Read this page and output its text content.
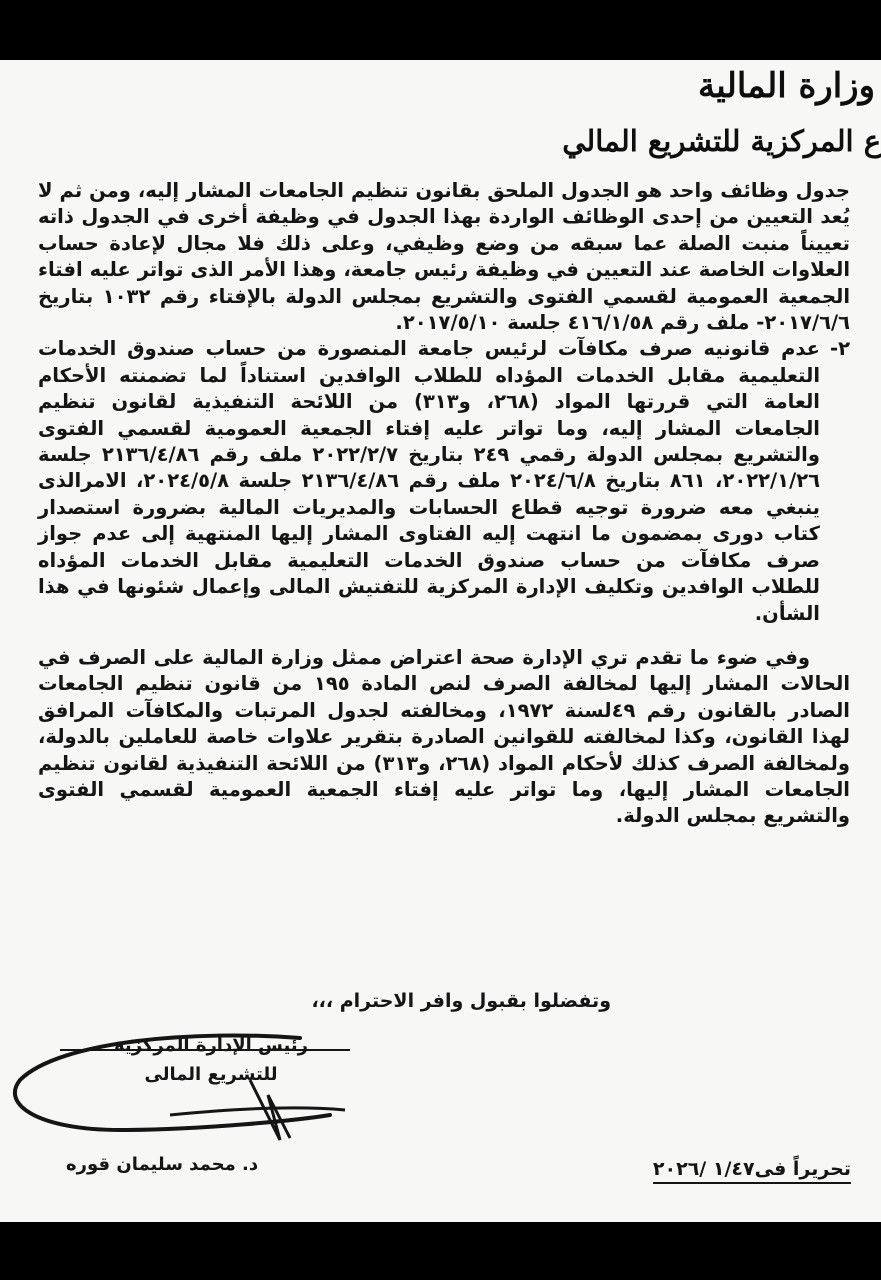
وزارة المالية
ع المركزية للتشريع المالي

جدول وظائف واحد هو الجدول الملحق بقانون تنظيم الجامعات المشار إليه، ومن ثم لا يُعد التعيين من إحدى الوظائف الواردة بهذا الجدول في وظيفة أخرى في الجدول ذاته تعييناً منبت الصلة عما سبقه من وضع وظيفي، وعلى ذلك فلا مجال لإعادة حساب العلاوات الخاصة عند التعيين في وظيفة رئيس جامعة، وهذا الأمر الذى تواتر عليه افتاء الجمعية العمومية لقسمي الفتوى والتشريع بمجلس الدولة بالإفتاء رقم ١٠٣٢ بتاريخ ٢٠١٧/٦/٦- ملف رقم ٤١٦/١/٥٨ جلسة ٢٠١٧/٥/١٠.

٢-
عدم قانونيه صرف مكافآت لرئيس جامعة المنصورة من حساب صندوق الخدمات التعليمية مقابل الخدمات المؤداه للطلاب الوافدين استناداً لما تضمنته الأحكام العامة التي قررتها المواد (٢٦٨، و٣١٣) من اللائحة التنفيذية لقانون تنظيم الجامعات المشار إليه، وما تواتر عليه إفتاء الجمعية العمومية لقسمي الفتوى والتشريع بمجلس الدولة رقمي ٢٤٩ بتاريخ ٢٠٢٢/٢/٧ ملف رقم ٢١٣٦/٤/٨٦ جلسة ٢٠٢٢/١/٢٦، ٨٦١ بتاريخ ٢٠٢٤/٦/٨ ملف رقم ٢١٣٦/٤/٨٦ جلسة ٢٠٢٤/٥/٨، الامرالذى ينبغي معه ضرورة توجيه قطاع الحسابات والمديريات المالية بضرورة استصدار كتاب دورى بمضمون ما انتهت إليه الفتاوى المشار إليها المنتهية إلى عدم جواز صرف مكافآت من حساب صندوق الخدمات التعليمية مقابل الخدمات المؤداه للطلاب الوافدين وتكليف الإدارة المركزية للتفتيش المالى وإعمال شئونها في هذا الشأن.

وفي ضوء ما تقدم تري الإدارة صحة اعتراض ممثل وزارة المالية على الصرف في الحالات المشار إليها لمخالفة الصرف لنص المادة ١٩٥ من قانون تنظيم الجامعات الصادر بالقانون رقم ٤٩لسنة ١٩٧٢، ومخالفته لجدول المرتبات والمكافآت المرافق لهذا القانون، وكذا لمخالفته للقوانين الصادرة بتقرير علاوات خاصة للعاملين بالدولة، ولمخالفة الصرف كذلك لأحكام المواد (٢٦٨، و٣١٣) من اللائحة التنفيذية لقانون تنظيم الجامعات المشار إليها، وما تواتر عليه إفتاء الجمعية العمومية لقسمي الفتوى والتشريع بمجلس الدولة.

وتفضلوا بقبول وافر الاحترام ،،،
رئيس الإدارة المركزية
للتشريع المالى
د. محمد سليمان قوره	تحريراً فى١/٤٧ /٢٠٢٦
